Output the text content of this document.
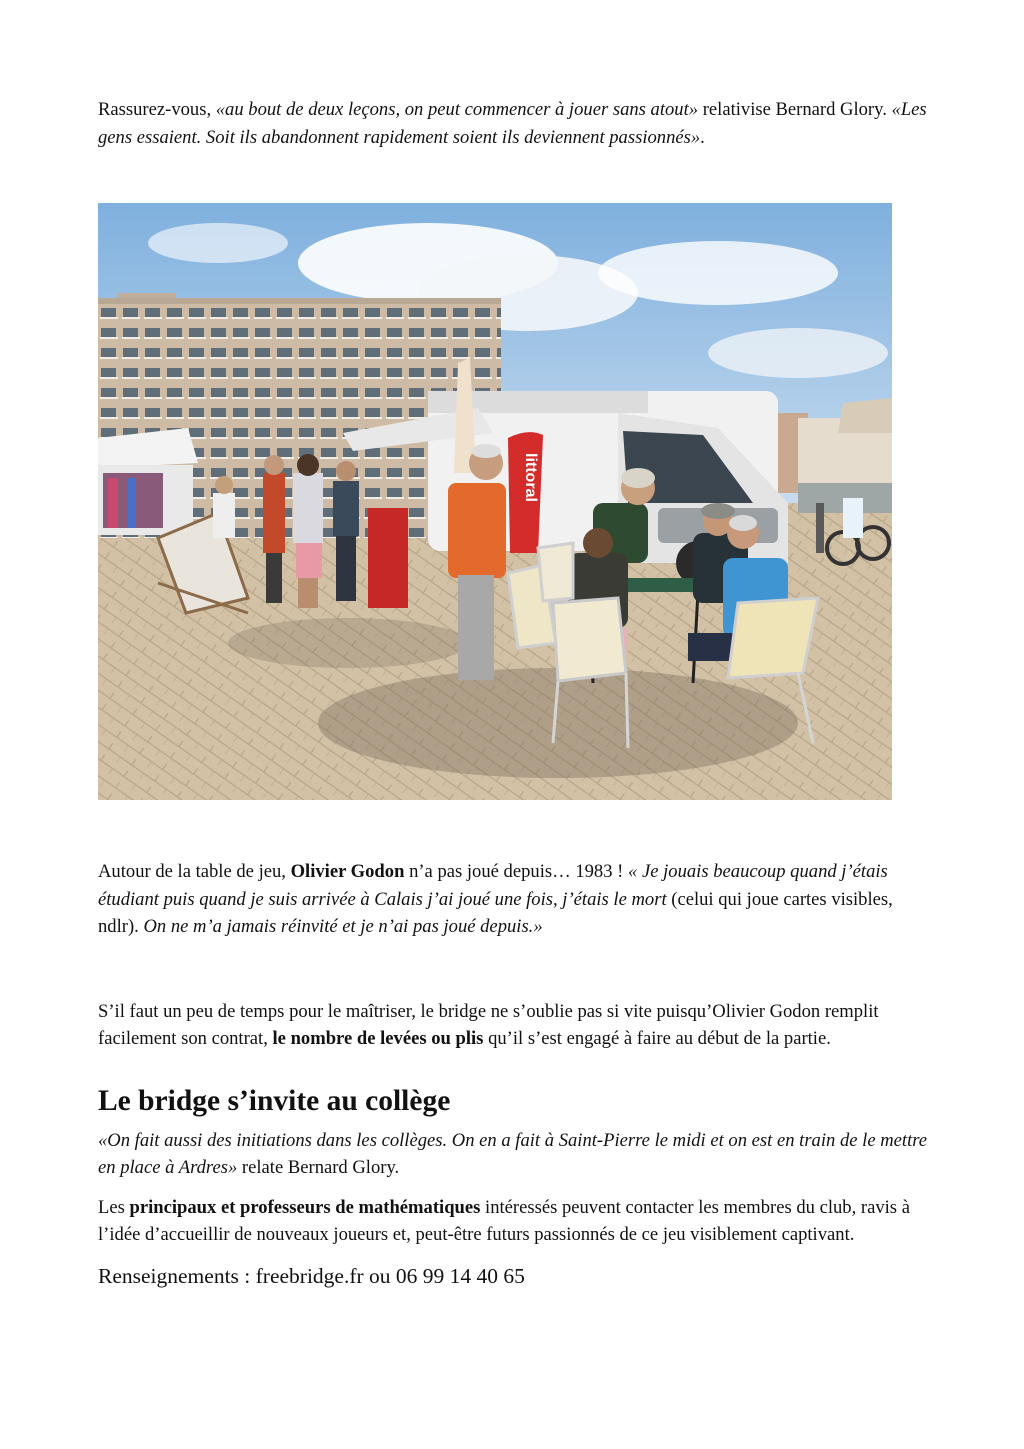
Rassurez-vous, «au bout de deux leçons, on peut commencer à jouer sans atout» relativise Bernard Glory. «Les gens essaient. Soit ils abandonnent rapidement soient ils deviennent passionnés».

littoral

Autour de la table de jeu, Olivier Godon n’a pas joué depuis… 1983 ! « Je jouais beaucoup quand j’étais étudiant puis quand je suis arrivée à Calais j’ai joué une fois, j’étais le mort (celui qui joue cartes visibles, ndlr). On ne m’a jamais réinvité et je n’ai pas joué depuis.»

S’il faut un peu de temps pour le maîtriser, le bridge ne s’oublie pas si vite puisqu’Olivier Godon remplit facilement son contrat, le nombre de levées ou plis qu’il s’est engagé à faire au début de la partie.

Le bridge s’invite au collège

«On fait aussi des initiations dans les collèges. On en a fait à Saint-Pierre le midi et on est en train de le mettre en place à Ardres» relate Bernard Glory.

Les principaux et professeurs de mathématiques intéressés peuvent contacter les membres du club, ravis à l’idée d’accueillir de nouveaux joueurs et, peut-être futurs passionnés de ce jeu visiblement captivant.

Renseignements : freebridge.fr ou 06 99 14 40 65
